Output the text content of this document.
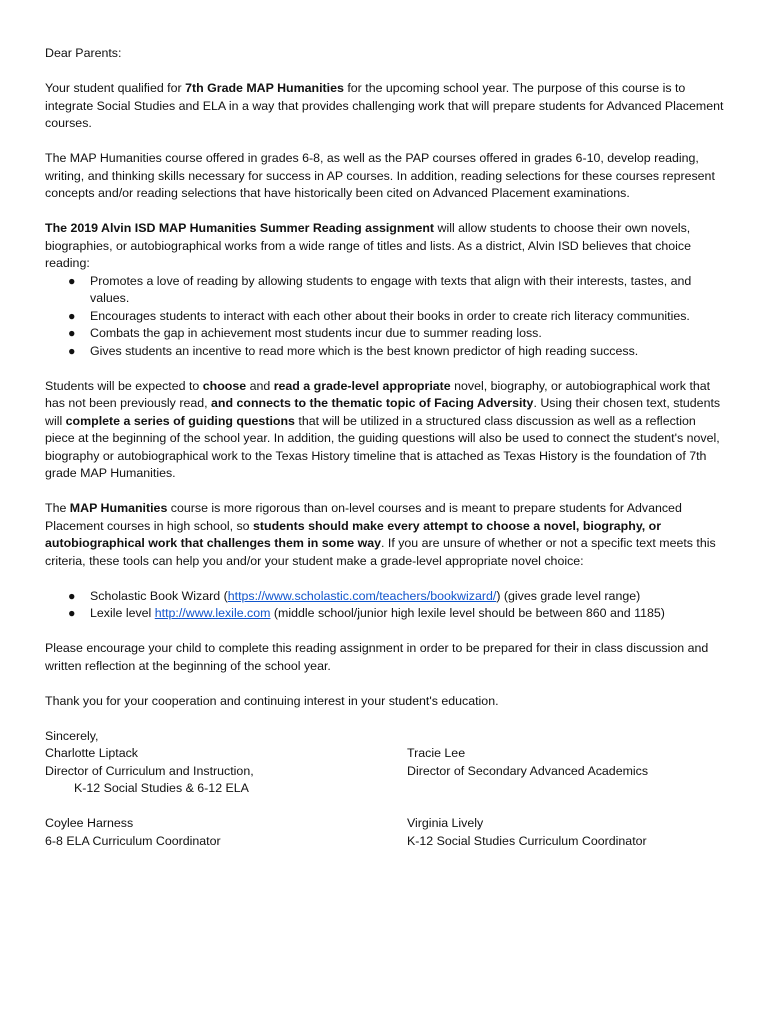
Dear Parents:

Your student qualified for 7th Grade MAP Humanities for the upcoming school year. The purpose of this course is to integrate Social Studies and ELA in a way that provides challenging work that will prepare students for Advanced Placement courses.

The MAP Humanities course offered in grades 6-8, as well as the PAP courses offered in grades 6-10, develop reading, writing, and thinking skills necessary for success in AP courses. In addition, reading selections for these courses represent concepts and/or reading selections that have historically been cited on Advanced Placement examinations.

The 2019 Alvin ISD MAP Humanities Summer Reading assignment will allow students to choose their own novels, biographies, or autobiographical works from a wide range of titles and lists. As a district, Alvin ISD believes that choice reading:

● Promotes a love of reading by allowing students to engage with texts that align with their interests, tastes, and values.
● Encourages students to interact with each other about their books in order to create rich literacy communities.
● Combats the gap in achievement most students incur due to summer reading loss.
● Gives students an incentive to read more which is the best known predictor of high reading success.

Students will be expected to choose and read a grade-level appropriate novel, biography, or autobiographical work that has not been previously read, and connects to the thematic topic of Facing Adversity. Using their chosen text, students will complete a series of guiding questions that will be utilized in a structured class discussion as well as a reflection piece at the beginning of the school year. In addition, the guiding questions will also be used to connect the student's novel, biography or autobiographical work to the Texas History timeline that is attached as Texas History is the foundation of 7th grade MAP Humanities.

The MAP Humanities course is more rigorous than on-level courses and is meant to prepare students for Advanced Placement courses in high school, so students should make every attempt to choose a novel, biography, or autobiographical work that challenges them in some way. If you are unsure of whether or not a specific text meets this criteria, these tools can help you and/or your student make a grade-level appropriate novel choice:

● Scholastic Book Wizard (https://www.scholastic.com/teachers/bookwizard/) (gives grade level range)
● Lexile level http://www.lexile.com (middle school/junior high lexile level should be between 860 and 1185)

Please encourage your child to complete this reading assignment in order to be prepared for their in class discussion and written reflection at the beginning of the school year.

Thank you for your cooperation and continuing interest in your student's education.

Sincerely,
Charlotte Liptack
Director of Curriculum and Instruction,
K-12 Social Studies & 6-12 ELA
Tracie Lee
Director of Secondary Advanced Academics
Coylee Harness
6-8 ELA Curriculum Coordinator
Virginia Lively
K-12 Social Studies Curriculum Coordinator
